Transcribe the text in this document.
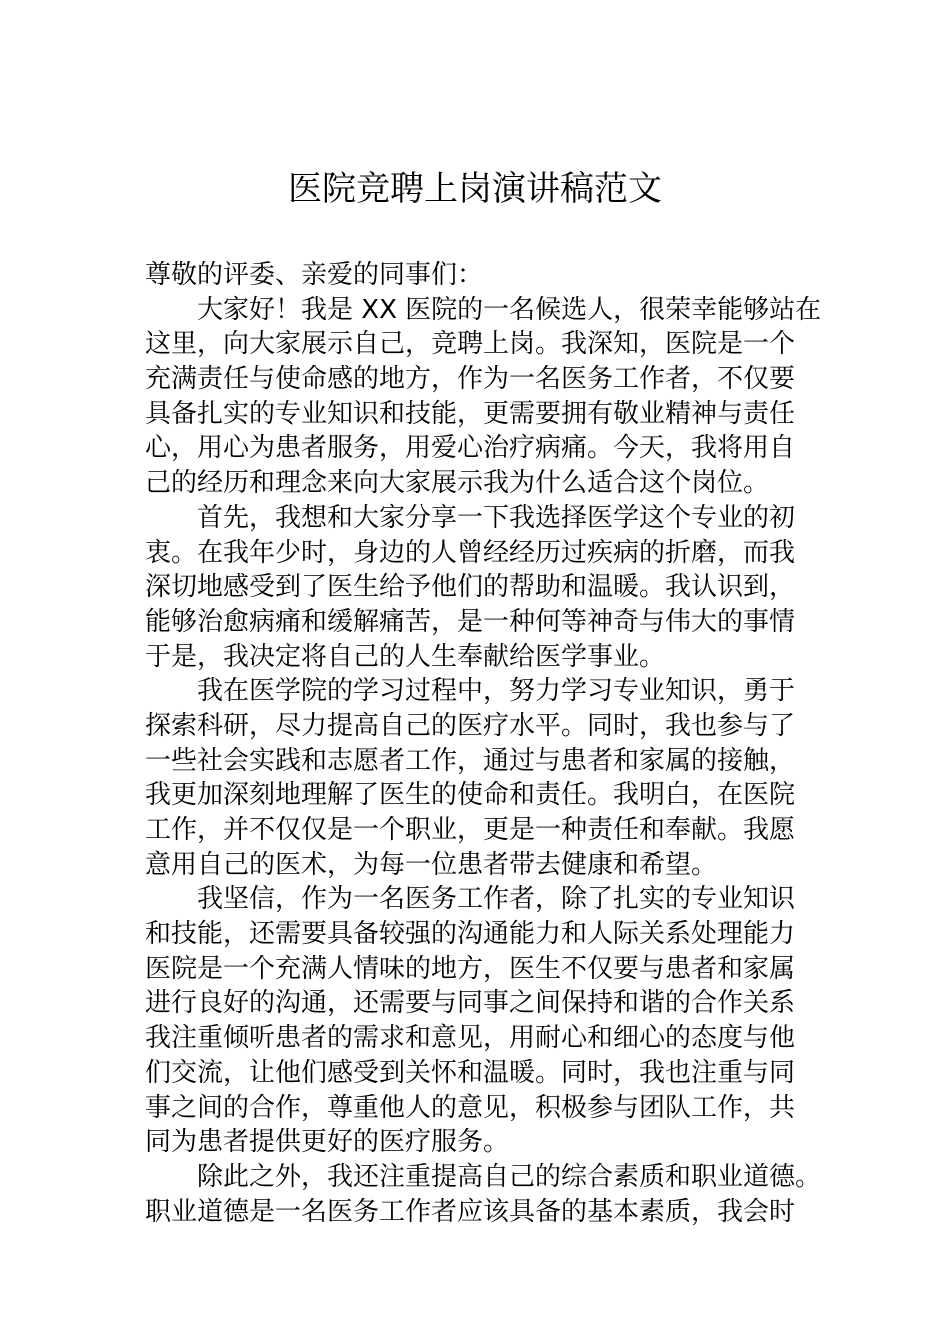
医院竞聘上岗演讲稿范文
尊敬的评委、亲爱的同事们：
大家好！我是 XX 医院的一名候选人，很荣幸能够站在
这里，向大家展示自己，竞聘上岗。我深知，医院是一个
充满责任与使命感的地方，作为一名医务工作者，不仅要
具备扎实的专业知识和技能，更需要拥有敬业精神与责任
心，用心为患者服务，用爱心治疗病痛。今天，我将用自
己的经历和理念来向大家展示我为什么适合这个岗位。
首先，我想和大家分享一下我选择医学这个专业的初
衷。在我年少时，身边的人曾经经历过疾病的折磨，而我
深切地感受到了医生给予他们的帮助和温暖。我认识到，
能够治愈病痛和缓解痛苦，是一种何等神奇与伟大的事情
于是，我决定将自己的人生奉献给医学事业。
我在医学院的学习过程中，努力学习专业知识，勇于
探索科研，尽力提高自己的医疗水平。同时，我也参与了
一些社会实践和志愿者工作，通过与患者和家属的接触，
我更加深刻地理解了医生的使命和责任。我明白，在医院
工作，并不仅仅是一个职业，更是一种责任和奉献。我愿
意用自己的医术，为每一位患者带去健康和希望。
我坚信，作为一名医务工作者，除了扎实的专业知识
和技能，还需要具备较强的沟通能力和人际关系处理能力
医院是一个充满人情味的地方，医生不仅要与患者和家属
进行良好的沟通，还需要与同事之间保持和谐的合作关系
我注重倾听患者的需求和意见，用耐心和细心的态度与他
们交流，让他们感受到关怀和温暖。同时，我也注重与同
事之间的合作，尊重他人的意见，积极参与团队工作，共
同为患者提供更好的医疗服务。
除此之外，我还注重提高自己的综合素质和职业道德。
职业道德是一名医务工作者应该具备的基本素质，我会时
